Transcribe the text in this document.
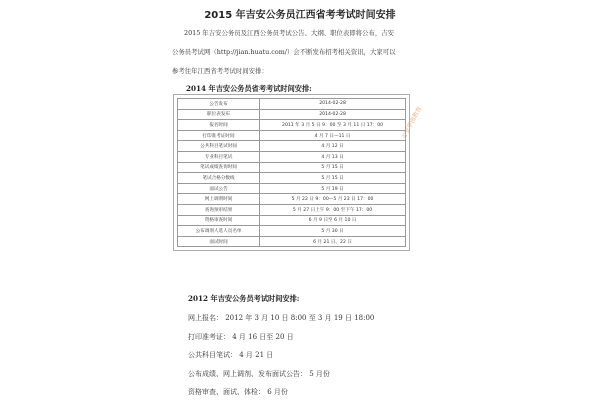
2015 年吉安公务员江西省考考试时间安排

2015 年吉安公务员及江西公务员考试公告、大纲、职位表即将公布，吉安

公务员考试网（http://jian.huatu.com/）会不断发布招考相关资讯，大家可以
参考往年江西省考考试时间安排：
2014 年吉安公务员省考考试时间安排:
公告发布	2014-02-28
职位表发布	2014-02-28
报名时间	2011 年 3 月 5 日 9：00 至 3 月 11 日 17：00
打印准考证时间	4 月 7 日—11 日
公共科目笔试时间	4 月 12 日
专业科目笔试	4 月 13 日
笔试成绩查询时间	5 月 15 日
笔试合格分数线	5 月 15 日
面试公告	5 月 19 日
网上调剂时间	5 月 22 日 9：00—5 月 23 日 17：00
查询预审结果	5 月 27 日上午 9：00 至下午 17：00
资格审查时间	6 月 9 日至 6 月 10 日
公布调剂人选人员名单	5 月 30 日
面试时间	6 月 21 日、22 日
吉安华图教育
2012 年吉安公务员考试时间安排:
网上报名： 2012 年 3 月 10 日 8:00 至 3 月 19 日 18:00
打印准考证： 4 月 16 日至 20 日
公共科目笔试： 4 月 21 日
公布成绩、网上调剂、发布面试公告： 5 月份
资格审查、面试、体检： 6 月份
